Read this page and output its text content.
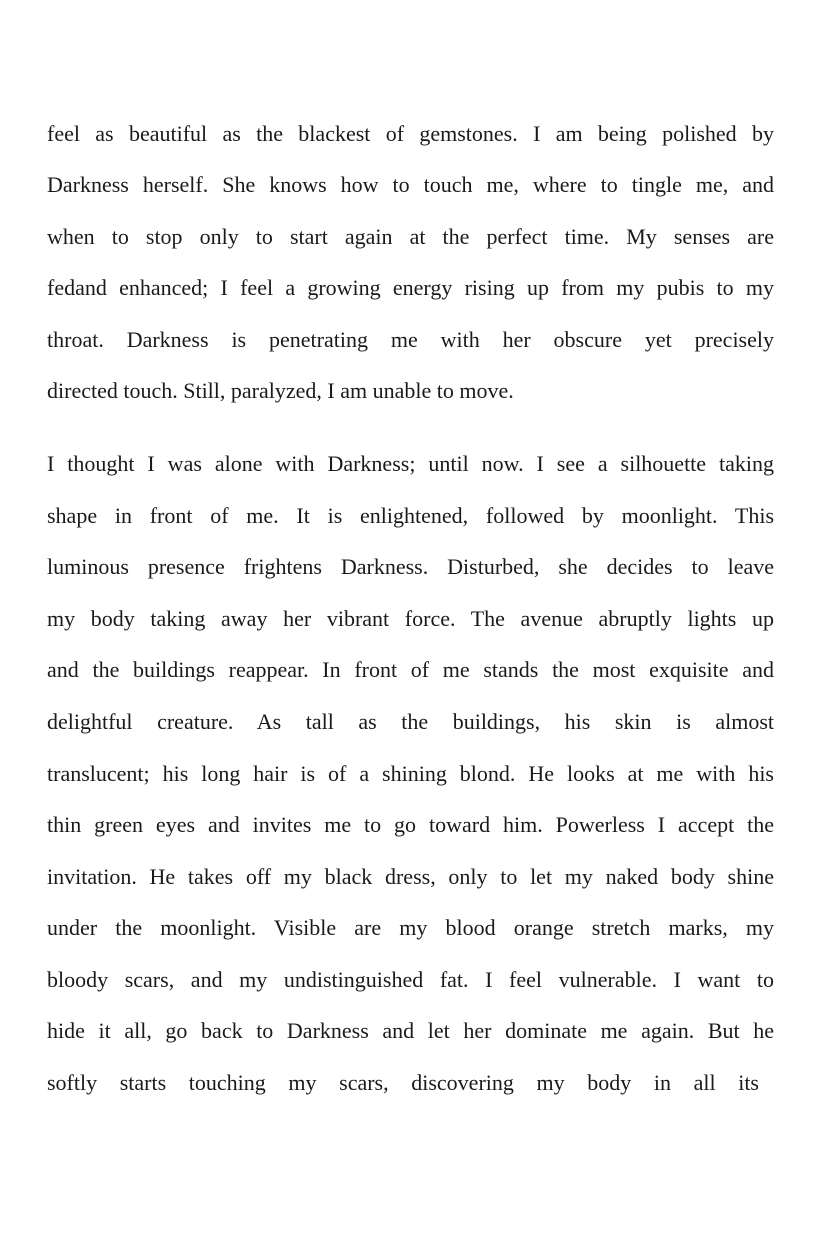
feel as beautiful as the blackest of gemstones. I am being polished by
Darkness herself. She knows how to touch me, where to tingle me, and
when to stop only to start again at the perfect time. My senses are
fedand enhanced; I feel a growing energy rising up from my pubis to my
throat. Darkness is penetrating me with her obscure yet precisely
directed touch. Still, paralyzed, I am unable to move.
I thought I was alone with Darkness; until now. I see a silhouette taking
shape in front of me. It is enlightened, followed by moonlight. This
luminous presence frightens Darkness. Disturbed, she decides to leave
my body taking away her vibrant force. The avenue abruptly lights up
and the buildings reappear. In front of me stands the most exquisite and
delightful creature. As tall as the buildings, his skin is almost
translucent; his long hair is of a shining blond. He looks at me with his
thin green eyes and invites me to go toward him. Powerless I accept the
invitation. He takes off my black dress, only to let my naked body shine
under the moonlight. Visible are my blood orange stretch marks, my
bloody scars, and my undistinguished fat. I feel vulnerable. I want to
hide it all, go back to Darkness and let her dominate me again. But he
softly starts touching my scars, discovering my body in all its
